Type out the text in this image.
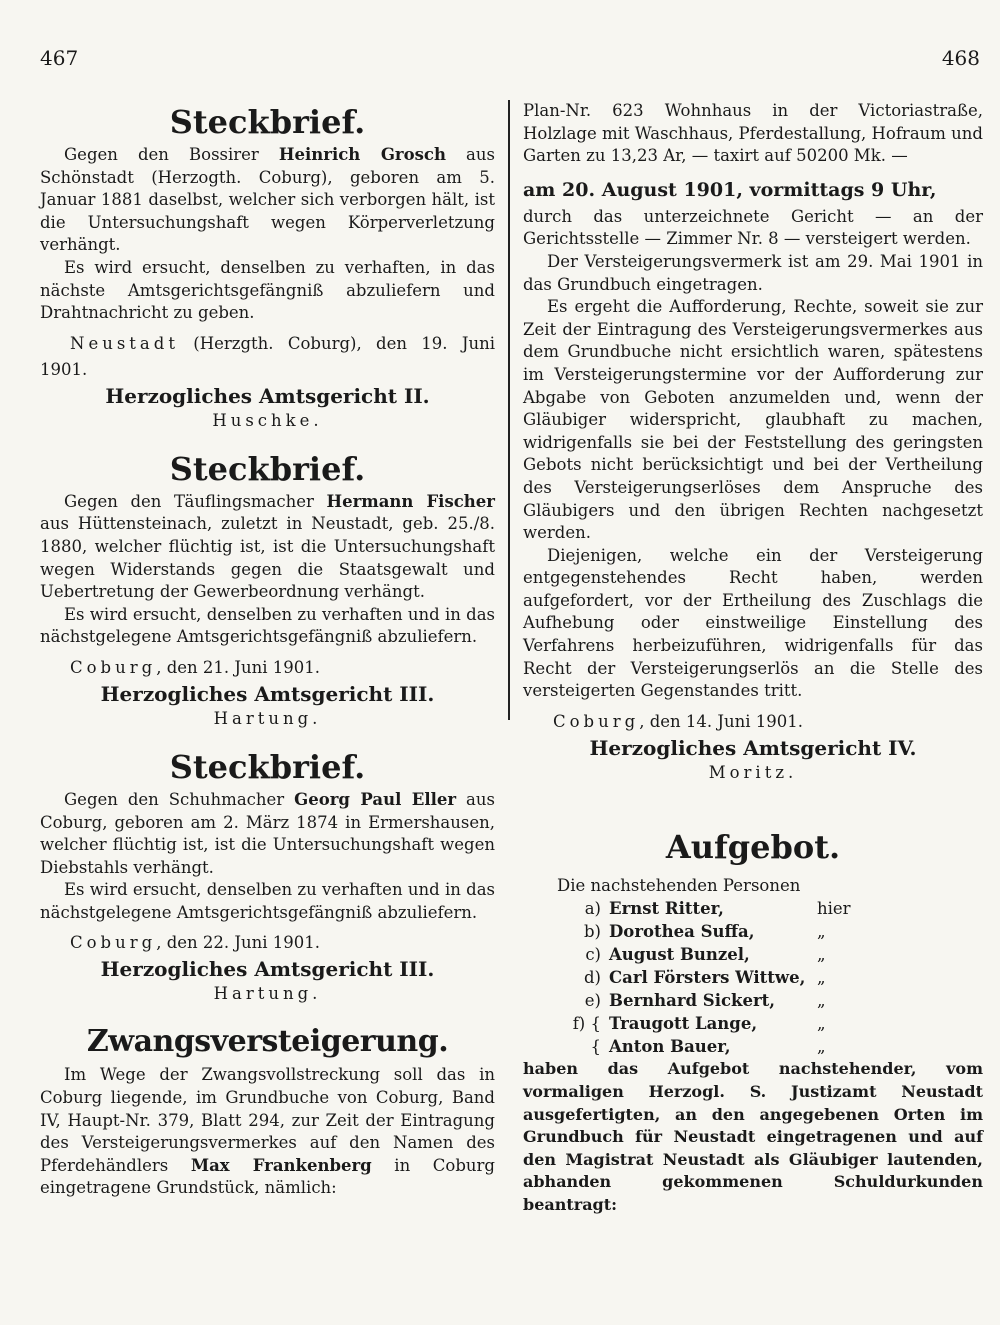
467	468
Steckbrief.

Gegen den Bossirer Heinrich Grosch aus Schönstadt (Herzogth. Coburg), geboren am 5. Januar 1881 daselbst, welcher sich verborgen hält, ist die Untersuchungshaft wegen Körperverletzung verhängt.

Es wird ersucht, denselben zu verhaften, in das nächste Amtsgerichtsgefängniß abzuliefern und Drahtnachricht zu geben.

Neustadt (Herzgth. Coburg), den 19. Juni 1901.

Herzogliches Amtsgericht II.
Huschke.
Steckbrief.

Gegen den Täuflingsmacher Hermann Fischer aus Hüttensteinach, zuletzt in Neustadt, geb. 25./8. 1880, welcher flüchtig ist, ist die Untersuchungshaft wegen Widerstands gegen die Staatsgewalt und Uebertretung der Gewerbeordnung verhängt.

Es wird ersucht, denselben zu verhaften und in das nächstgelegene Amtsgerichtsgefängniß abzuliefern.

Coburg, den 21. Juni 1901.

Herzogliches Amtsgericht III.
Hartung.
Steckbrief.

Gegen den Schuhmacher Georg Paul Eller aus Coburg, geboren am 2. März 1874 in Ermershausen, welcher flüchtig ist, ist die Untersuchungshaft wegen Diebstahls verhängt.

Es wird ersucht, denselben zu verhaften und in das nächstgelegene Amtsgerichtsgefängniß abzuliefern.

Coburg, den 22. Juni 1901.

Herzogliches Amtsgericht III.
Hartung.
Zwangsversteigerung.

Im Wege der Zwangsvollstreckung soll das in Coburg liegende, im Grundbuche von Coburg, Band IV, Haupt-Nr. 379, Blatt 294, zur Zeit der Eintragung des Versteigerungsvermerkes auf den Namen des Pferdehändlers Max Frankenberg in Coburg eingetragene Grundstück, nämlich:

Plan-Nr. 623 Wohnhaus in der Victoriastraße, Holzlage mit Waschhaus, Pferdestallung, Hofraum und Garten zu 13,23 Ar, — taxirt auf 50200 Mk. —

am 20. August 1901, vormittags 9 Uhr,

durch das unterzeichnete Gericht — an der Gerichtsstelle — Zimmer Nr. 8 — versteigert werden.

Der Versteigerungsvermerk ist am 29. Mai 1901 in das Grundbuch eingetragen.

Es ergeht die Aufforderung, Rechte, soweit sie zur Zeit der Eintragung des Versteigerungsvermerkes aus dem Grundbuche nicht ersichtlich waren, spätestens im Versteigerungstermine vor der Aufforderung zur Abgabe von Geboten anzumelden und, wenn der Gläubiger widerspricht, glaubhaft zu machen, widrigenfalls sie bei der Feststellung des geringsten Gebots nicht berücksichtigt und bei der Vertheilung des Versteigerungserlöses dem Anspruche des Gläubigers und den übrigen Rechten nachgesetzt werden.

Diejenigen, welche ein der Versteigerung entgegenstehendes Recht haben, werden aufgefordert, vor der Ertheilung des Zuschlags die Aufhebung oder einstweilige Einstellung des Verfahrens herbeizuführen, widrigenfalls für das Recht der Versteigerungserlös an die Stelle des versteigerten Gegenstandes tritt.

Coburg, den 14. Juni 1901.

Herzogliches Amtsgericht IV.
Moritz.
Aufgebot.

Die nachstehenden Personen

a)	Ernst Ritter,	hier
b)	Dorothea Suffa,	„
c)	August Bunzel,	„
d)	Carl Försters Wittwe,	„
e)	Bernhard Sickert,	„
f) {	Traugott Lange,	„
{	Anton Bauer,	„

haben das Aufgebot nachstehender, vom vormaligen Herzogl. S. Justizamt Neustadt ausgefertigten, an den angegebenen Orten im Grundbuch für Neustadt eingetragenen und auf den Magistrat Neustadt als Gläubiger lautenden, abhanden gekommenen Schuldurkunden beantragt:
